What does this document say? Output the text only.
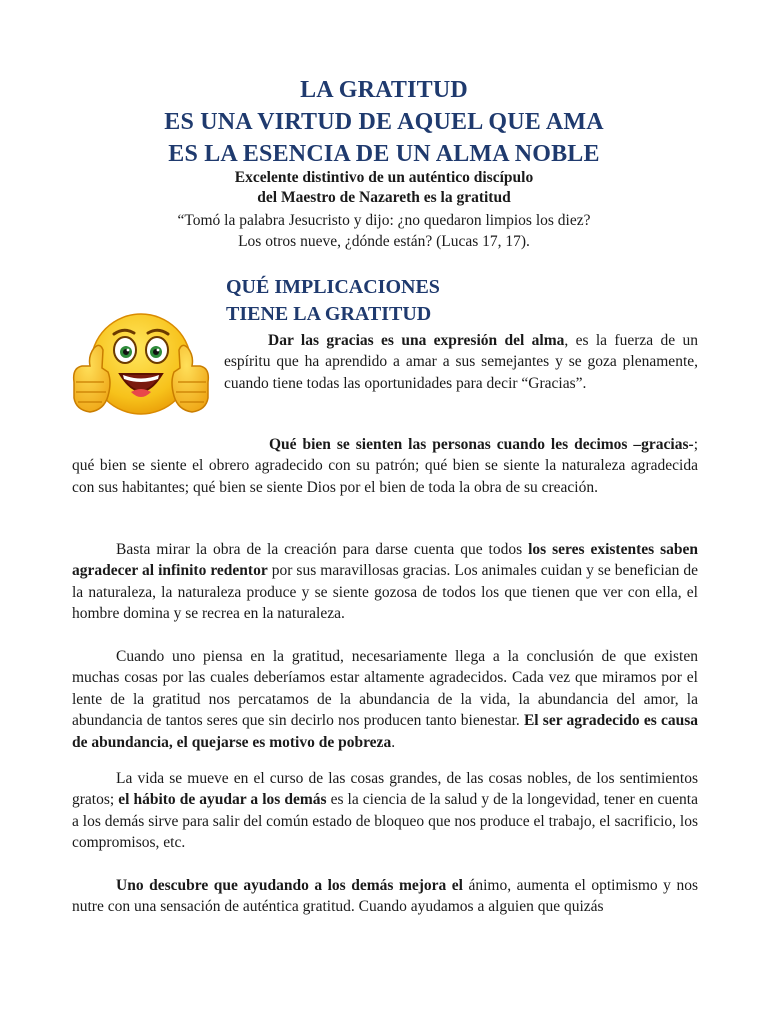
LA GRATITUD
ES UNA VIRTUD DE AQUEL QUE AMA
ES LA ESENCIA DE UN ALMA NOBLE
Excelente distintivo de un auténtico discípulo
del Maestro de Nazareth es la gratitud
“Tomó la palabra Jesucristo y dijo: ¿no quedaron limpios los diez?
Los otros nueve, ¿dónde están? (Lucas 17, 17).
QUÉ IMPLICACIONES
TIENE LA GRATITUD

Dar las gracias es una expresión del alma, es la fuerza de un espíritu que ha aprendido a amar a sus semejantes y se goza plenamente, cuando tiene todas las oportunidades para decir “Gracias”.

Qué bien se sienten las personas cuando les decimos –gracias-; qué bien se siente el obrero agradecido con su patrón; qué bien se siente la naturaleza agradecida con sus habitantes; qué bien se siente Dios por el bien de toda la obra de su creación.

Basta mirar la obra de la creación para darse cuenta que todos los seres existentes saben agradecer al infinito redentor por sus maravillosas gracias. Los animales cuidan y se benefician de la naturaleza, la naturaleza produce y se siente gozosa de todos los que tienen que ver con ella, el hombre domina y se recrea en la naturaleza.

Cuando uno piensa en la gratitud, necesariamente llega a la conclusión de que existen muchas cosas por las cuales deberíamos estar altamente agradecidos. Cada vez que miramos por el lente de la gratitud nos percatamos de la abundancia de la vida, la abundancia del amor, la abundancia de tantos seres que sin decirlo nos producen tanto bienestar. El ser agradecido es causa de abundancia, el quejarse es motivo de pobreza.

La vida se mueve en el curso de las cosas grandes, de las cosas nobles, de los sentimientos gratos; el hábito de ayudar a los demás es la ciencia de la salud y de la longevidad, tener en cuenta a los demás sirve para salir del común estado de bloqueo que nos produce el trabajo, el sacrificio, los compromisos, etc.

Uno descubre que ayudando a los demás mejora el ánimo, aumenta el optimismo y nos nutre con una sensación de auténtica gratitud. Cuando ayudamos a alguien que quizás
